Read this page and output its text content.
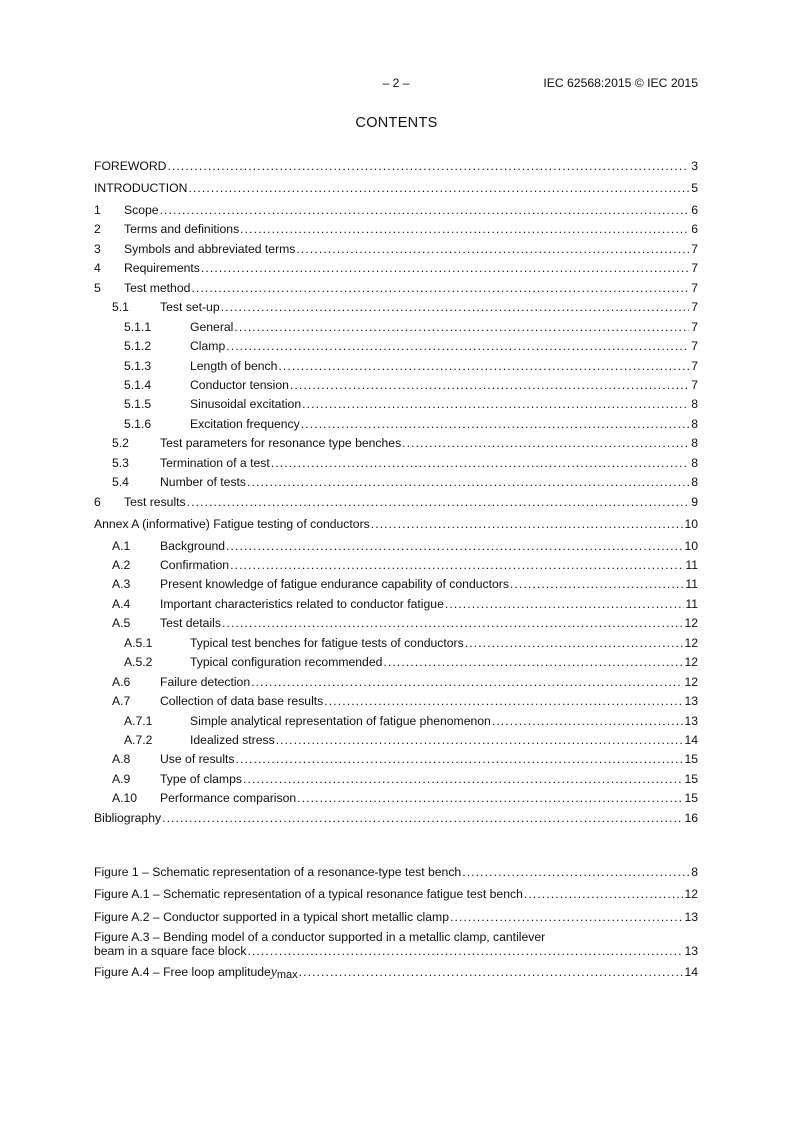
– 2 –	IEC 62568:2015 © IEC 2015
CONTENTS
FOREWORD .....	3
INTRODUCTION .....	5
1	Scope .....	6
2	Terms and definitions .....	6
3	Symbols and abbreviated terms .....	7
4	Requirements .....	7
5	Test method .....	7
5.1	Test set-up .....	7
5.1.1	General .....	7
5.1.2	Clamp .....	7
5.1.3	Length of bench .....	7
5.1.4	Conductor tension .....	7
5.1.5	Sinusoidal excitation .....	8
5.1.6	Excitation frequency .....	8
5.2	Test parameters for resonance type benches .....	8
5.3	Termination of a test .....	8
5.4	Number of tests .....	8
6	Test results .....	9
Annex A (informative) Fatigue testing of conductors .....	10
A.1	Background .....	10
A.2	Confirmation .....	11
A.3	Present knowledge of fatigue endurance capability of conductors .....	11
A.4	Important characteristics related to conductor fatigue .....	11
A.5	Test details .....	12
A.5.1	Typical test benches for fatigue tests of conductors .....	12
A.5.2	Typical configuration recommended .....	12
A.6	Failure detection .....	12
A.7	Collection of data base results .....	13
A.7.1	Simple analytical representation of fatigue phenomenon .....	13
A.7.2	Idealized stress .....	14
A.8	Use of results .....	15
A.9	Type of clamps .....	15
A.10	Performance comparison .....	15
Bibliography .....	16
Figure 1 – Schematic representation of a resonance-type test bench .....	8
Figure A.1 – Schematic representation of a typical resonance fatigue test bench .....	12
Figure A.2 – Conductor supported in a typical short metallic clamp .....	13
Figure A.3 – Bending model of a conductor supported in a metallic clamp, cantilever
beam in a square face block .....	13
Figure A.4 – Free loop amplitude ymax .....	14
